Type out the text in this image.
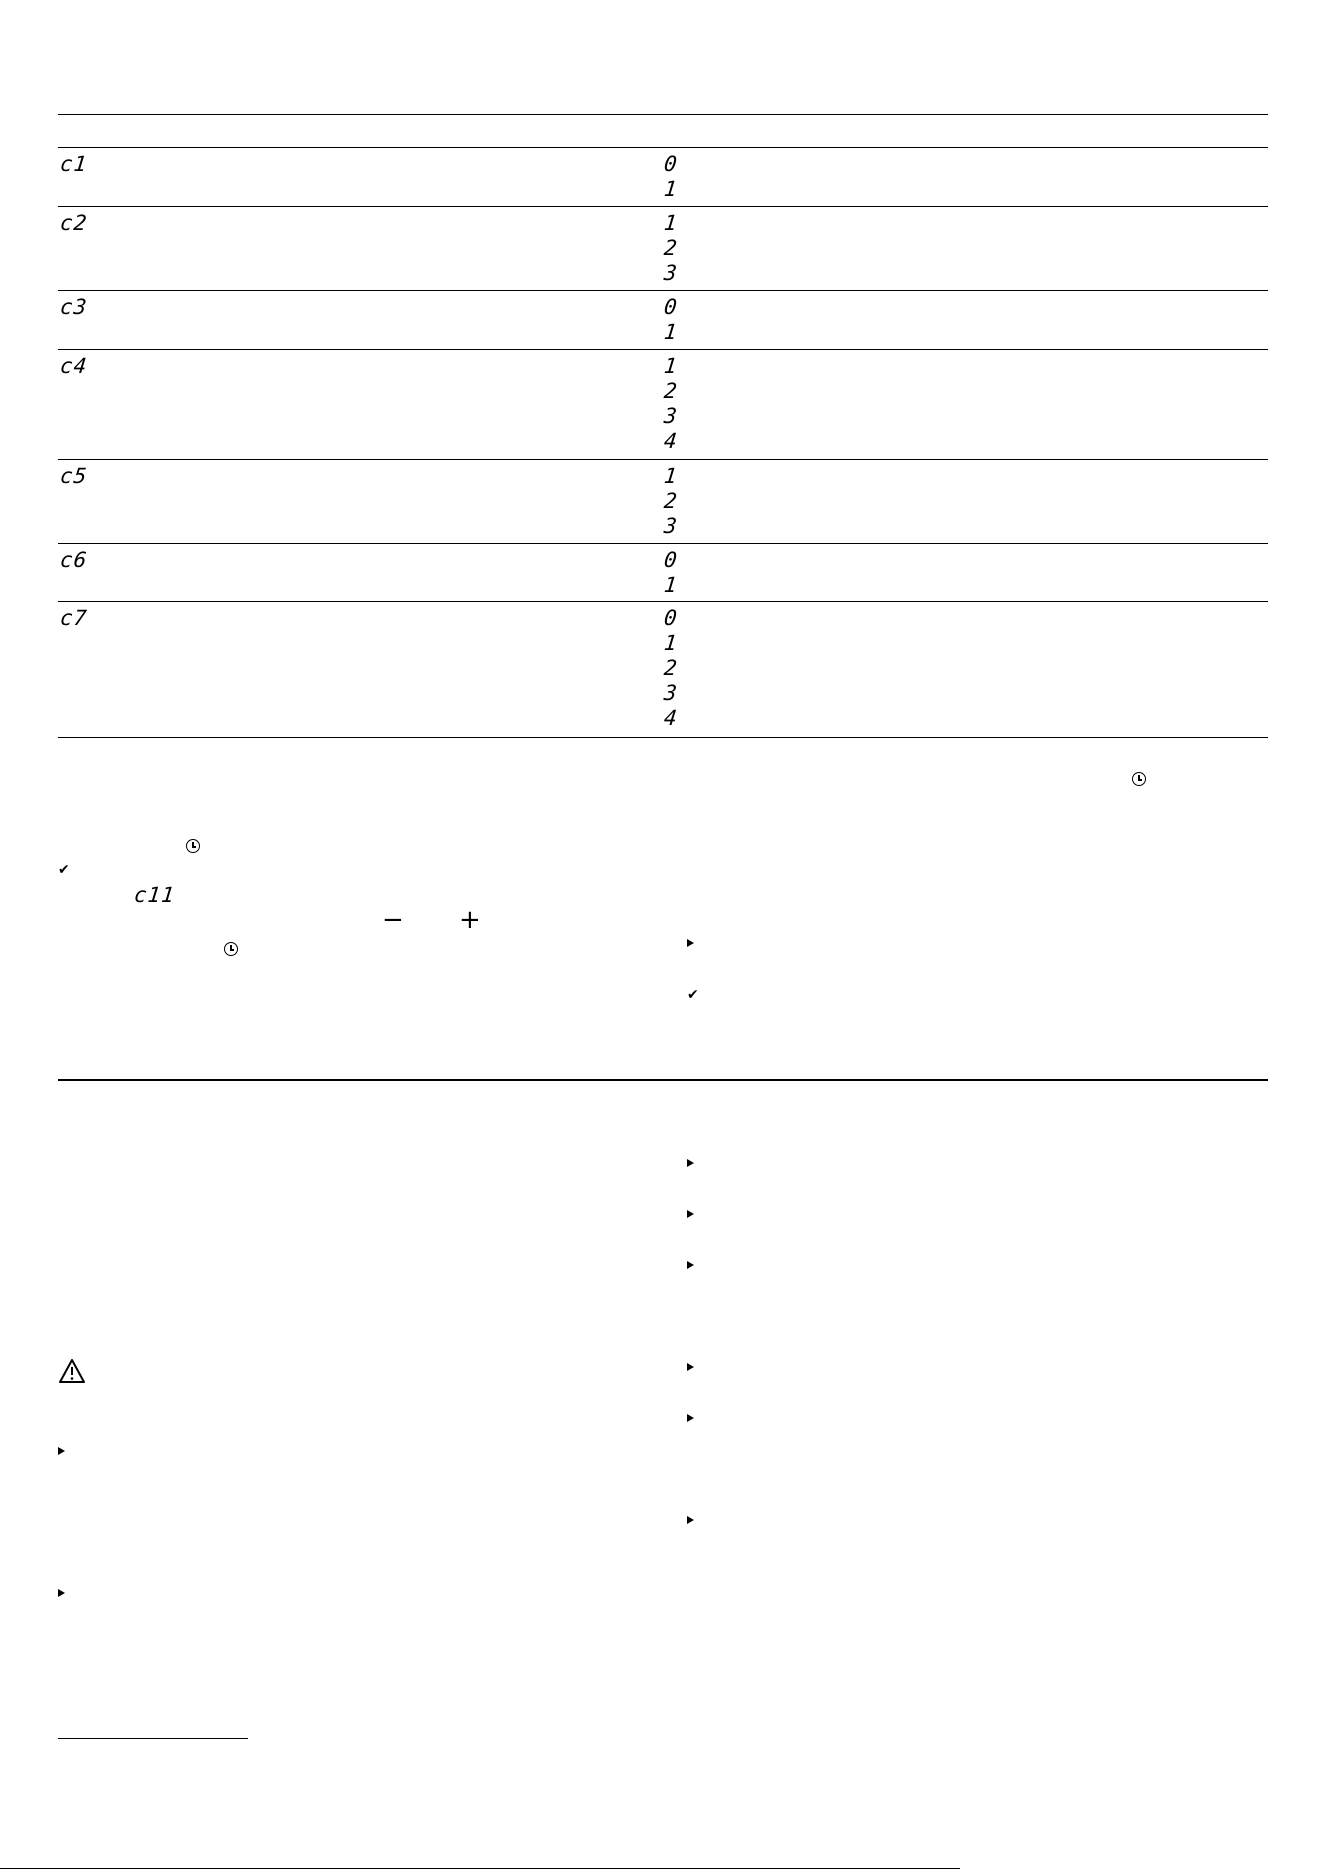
c1	0
1
c2	1
2
3
c3	0
1
c4	1
2
3
4
c5	1
2
3
c6	0
1
c7	0
1
2
3
4
✔
c11
− +
✔
